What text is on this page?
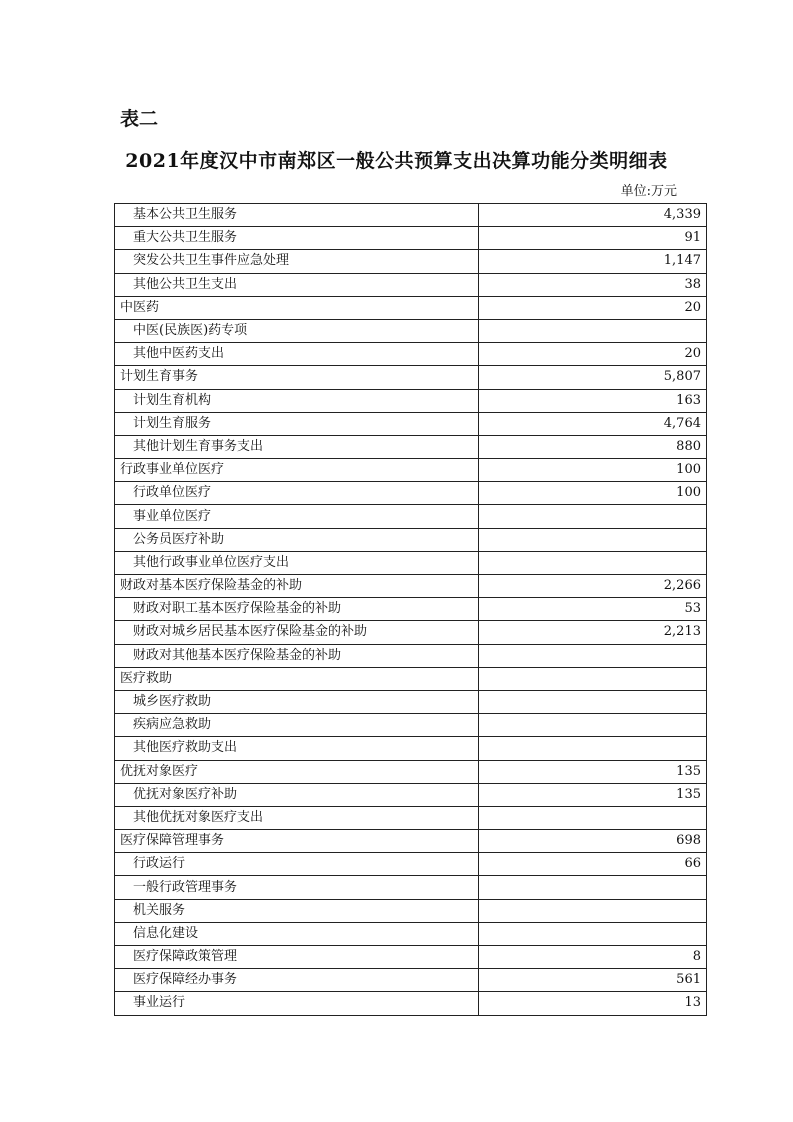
表二
2021年度汉中市南郑区一般公共预算支出决算功能分类明细表
单位:万元
基本公共卫生服务	4,339
重大公共卫生服务	91
突发公共卫生事件应急处理	1,147
其他公共卫生支出	38
中医药	20
中医(民族医)药专项	
其他中医药支出	20
计划生育事务	5,807
计划生育机构	163
计划生育服务	4,764
其他计划生育事务支出	880
行政事业单位医疗	100
行政单位医疗	100
事业单位医疗	
公务员医疗补助	
其他行政事业单位医疗支出	
财政对基本医疗保险基金的补助	2,266
财政对职工基本医疗保险基金的补助	53
财政对城乡居民基本医疗保险基金的补助	2,213
财政对其他基本医疗保险基金的补助	
医疗救助	
城乡医疗救助	
疾病应急救助	
其他医疗救助支出	
优抚对象医疗	135
优抚对象医疗补助	135
其他优抚对象医疗支出	
医疗保障管理事务	698
行政运行	66
一般行政管理事务	
机关服务	
信息化建设	
医疗保障政策管理	8
医疗保障经办事务	561
事业运行	13
